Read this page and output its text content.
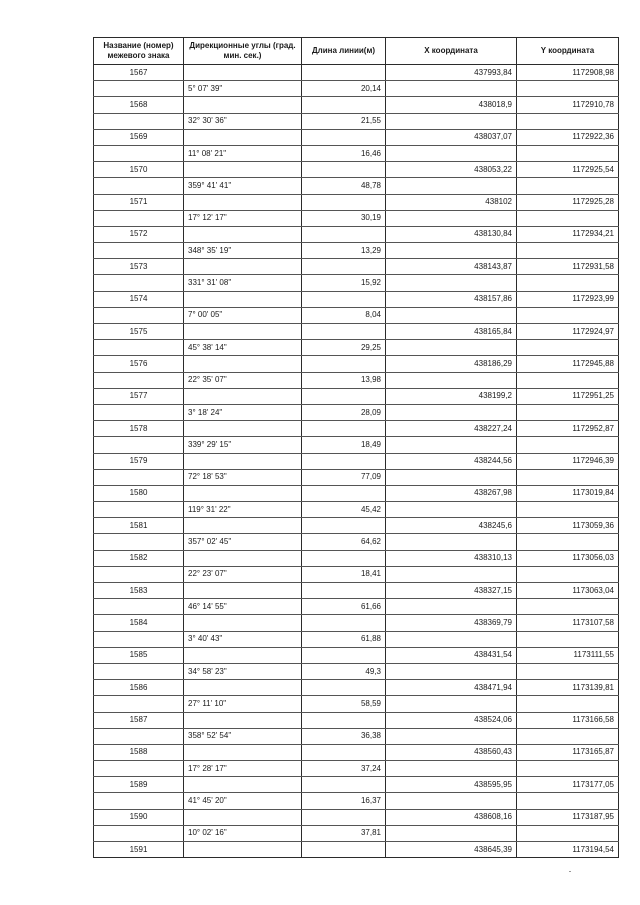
Название (номер) межевого знака	Дирекционные углы (град. мин. сек.)	Длина линии(м)	X координата	Y координата
1567			437993,84	1172908,98
	5° 07' 39"	20,14		
1568			438018,9	1172910,78
	32° 30' 36"	21,55		
1569			438037,07	1172922,36
	11° 08' 21"	16,46		
1570			438053,22	1172925,54
	359° 41' 41"	48,78		
1571			438102	1172925,28
	17° 12' 17"	30,19		
1572			438130,84	1172934,21
	348° 35' 19"	13,29		
1573			438143,87	1172931,58
	331° 31' 08"	15,92		
1574			438157,86	1172923,99
	7° 00' 05"	8,04		
1575			438165,84	1172924,97
	45° 38' 14"	29,25		
1576			438186,29	1172945,88
	22° 35' 07"	13,98		
1577			438199,2	1172951,25
	3° 18' 24"	28,09		
1578			438227,24	1172952,87
	339° 29' 15"	18,49		
1579			438244,56	1172946,39
	72° 18' 53"	77,09		
1580			438267,98	1173019,84
	119° 31' 22"	45,42		
1581			438245,6	1173059,36
	357° 02' 45"	64,62		
1582			438310,13	1173056,03
	22° 23' 07"	18,41		
1583			438327,15	1173063,04
	46° 14' 55"	61,66		
1584			438369,79	1173107,58
	3° 40' 43"	61,88		
1585			438431,54	1173111,55
	34° 58' 23"	49,3		
1586			438471,94	1173139,81
	27° 11' 10"	58,59		
1587			438524,06	1173166,58
	358° 52' 54"	36,38		
1588			438560,43	1173165,87
	17° 28' 17"	37,24		
1589			438595,95	1173177,05
	41° 45' 20"	16,37		
1590			438608,16	1173187,95
	10° 02' 16"	37,81		
1591			438645,39	1173194,54
